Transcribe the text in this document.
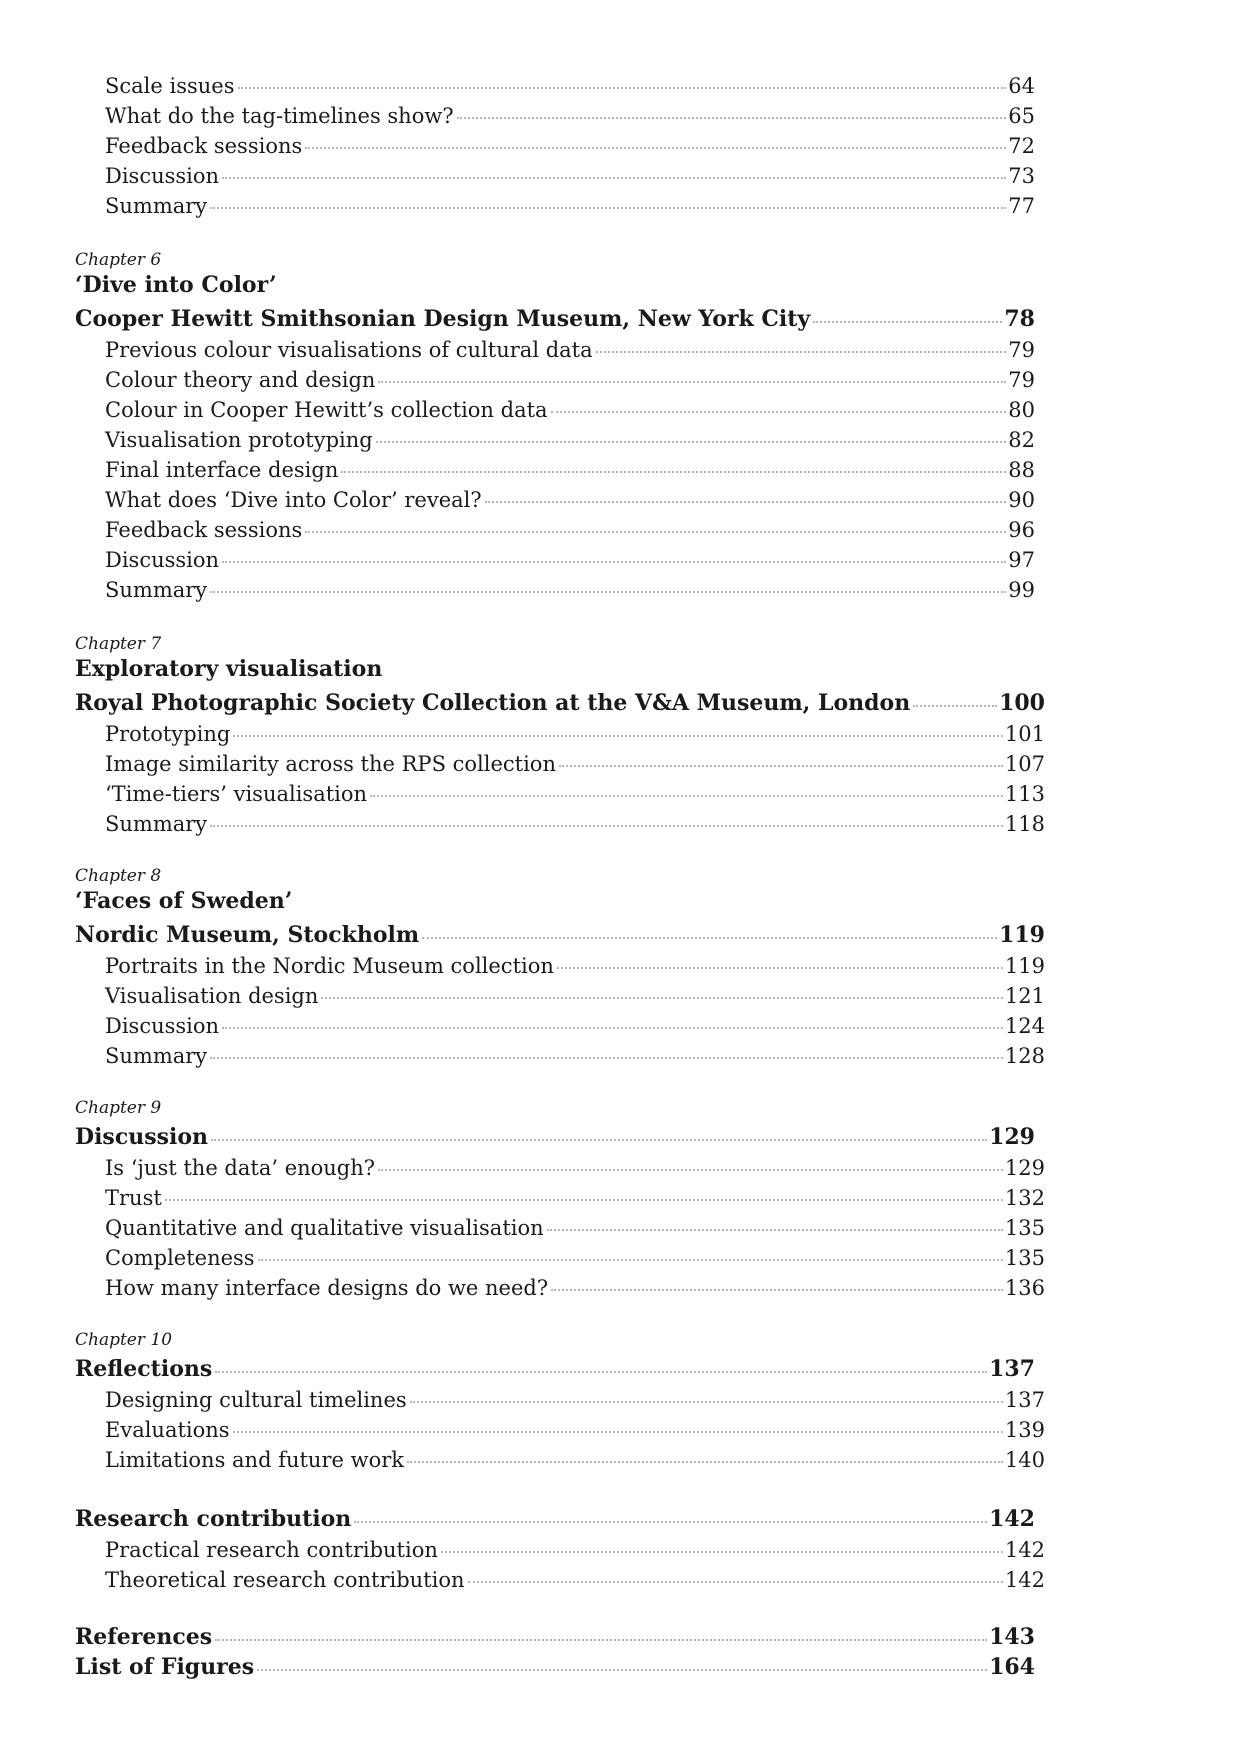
Scale issues	64
What do the tag-timelines show?	65
Feedback sessions	72
Discussion	73
Summary	77
Chapter 6
‘Dive into Color’
Cooper Hewitt Smithsonian Design Museum, New York City	78
Previous colour visualisations of cultural data	79
Colour theory and design	79
Colour in Cooper Hewitt’s collection data	80
Visualisation prototyping	82
Final interface design	88
What does ‘Dive into Color’ reveal?	90
Feedback sessions	96
Discussion	97
Summary	99
Chapter 7
Exploratory visualisation
Royal Photographic Society Collection at the V&A Museum, London	100
Prototyping	101
Image similarity across the RPS collection	107
‘Time-tiers’ visualisation	113
Summary	118
Chapter 8
‘Faces of Sweden’
Nordic Museum, Stockholm	119
Portraits in the Nordic Museum collection	119
Visualisation design	121
Discussion	124
Summary	128
Chapter 9
Discussion	129
Is ‘just the data’ enough?	129
Trust	132
Quantitative and qualitative visualisation	135
Completeness	135
How many interface designs do we need?	136
Chapter 10
Reflections	137
Designing cultural timelines	137
Evaluations	139
Limitations and future work	140
Research contribution	142
Practical research contribution	142
Theoretical research contribution	142
References	143
List of Figures	164
